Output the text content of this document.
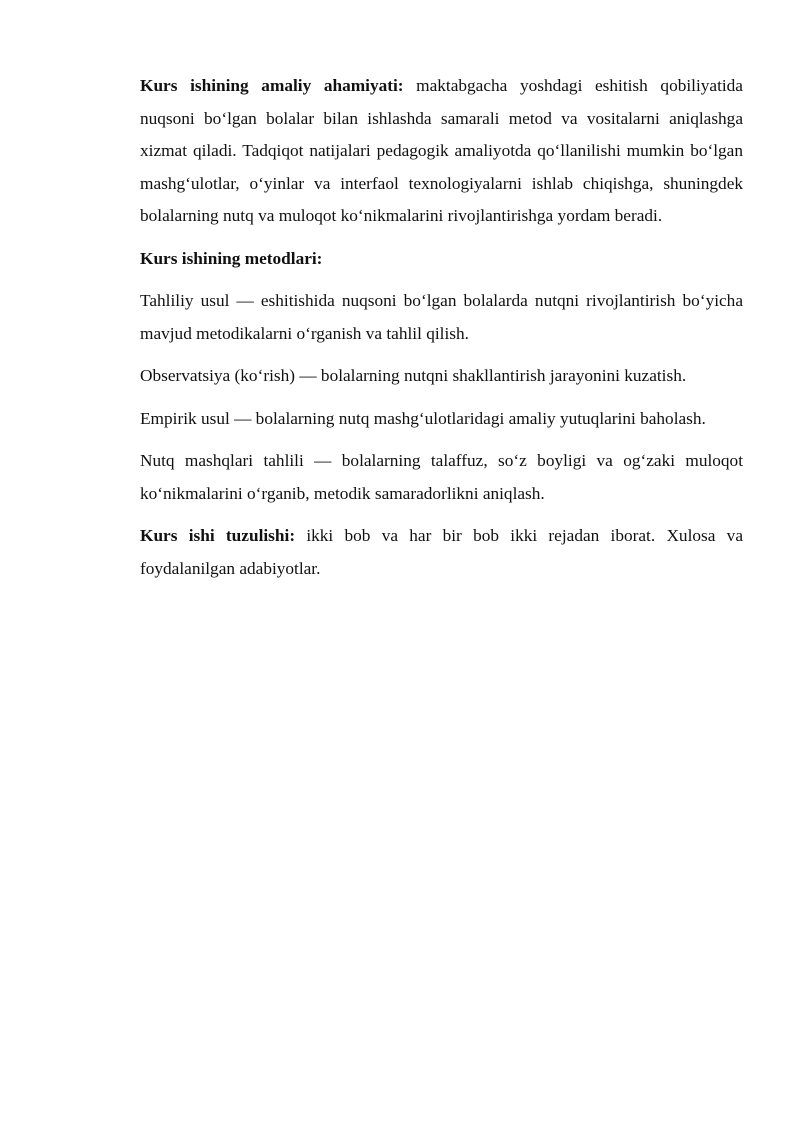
Kurs ishining amaliy ahamiyati: maktabgacha yoshdagi eshitish qobiliyatida nuqsoni bo‘lgan bolalar bilan ishlashda samarali metod va vositalarni aniqlashga xizmat qiladi. Tadqiqot natijalari pedagogik amaliyotda qo‘llanilishi mumkin bo‘lgan mashg‘ulotlar, o‘yinlar va interfaol texnologiyalarni ishlab chiqishga, shuningdek bolalarning nutq va muloqot ko‘nikmalarini rivojlantirishga yordam beradi.

Kurs ishining metodlari:

Tahliliy usul — eshitishida nuqsoni bo‘lgan bolalarda nutqni rivojlantirish bo‘yicha mavjud metodikalarni o‘rganish va tahlil qilish.

Observatsiya (ko‘rish) — bolalarning nutqni shakllantirish jarayonini kuzatish.

Empirik usul — bolalarning nutq mashg‘ulotlaridagi amaliy yutuqlarini baholash.

Nutq mashqlari tahlili — bolalarning talaffuz, so‘z boyligi va og‘zaki muloqot ko‘nikmalarini o‘rganib, metodik samaradorlikni aniqlash.

Kurs ishi tuzulishi: ikki bob va har bir bob ikki rejadan iborat. Xulosa va foydalanilgan adabiyotlar.
